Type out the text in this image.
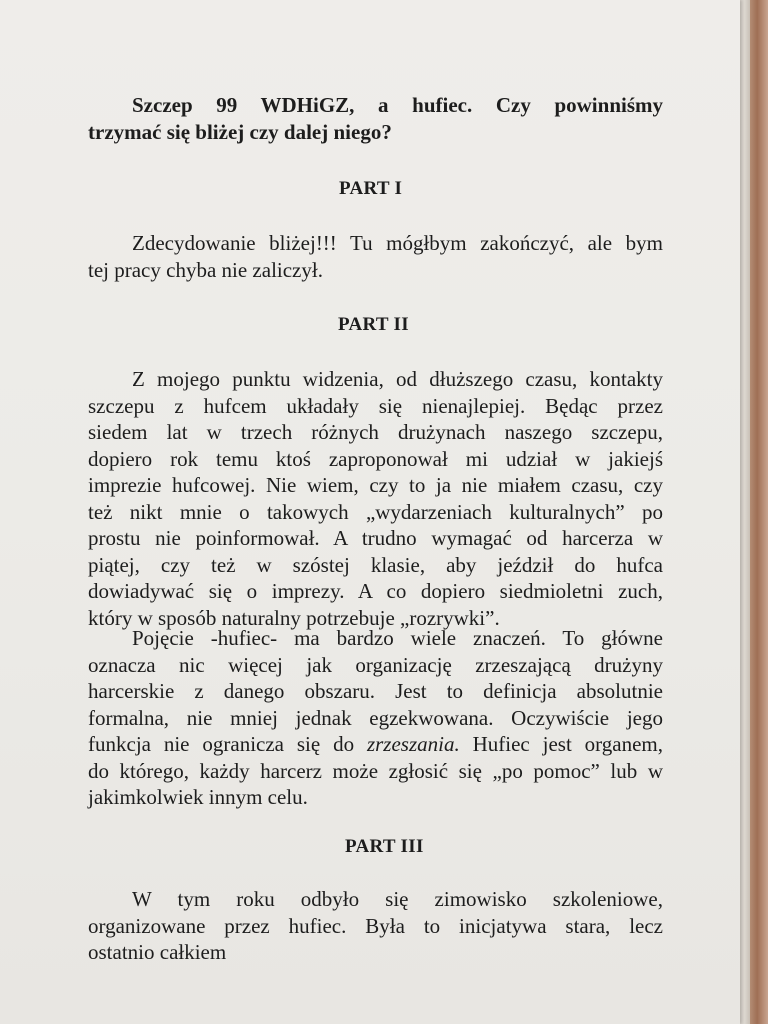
Szczep 99 WDHiGZ, a hufiec. Czy powinniśmy
trzymać się bliżej czy dalej niego?
PART I

Zdecydowanie bliżej!!! Tu mógłbym zakończyć, ale bym
tej pracy chyba nie zaliczył.

PART II

Z mojego punktu widzenia, od dłuższego czasu, kontakty
szczepu z hufcem układały się nienajlepiej. Będąc przez
siedem lat w trzech różnych drużynach naszego szczepu,
dopiero rok temu ktoś zaproponował mi udział w jakiejś
imprezie hufcowej. Nie wiem, czy to ja nie miałem czasu, czy
też nikt mnie o takowych „wydarzeniach kulturalnych” po
prostu nie poinformował. A trudno wymagać od harcerza w
piątej, czy też w szóstej klasie, aby jeździł do hufca
dowiadywać się o imprezy. A co dopiero siedmioletni zuch,
który w sposób naturalny potrzebuje „rozrywki”.

Pojęcie -hufiec- ma bardzo wiele znaczeń. To główne
oznacza nic więcej jak organizację zrzeszającą drużyny
harcerskie z danego obszaru. Jest to definicja absolutnie
formalna, nie mniej jednak egzekwowana. Oczywiście jego
funkcja nie ogranicza się do zrzeszania. Hufiec jest organem,
do którego, każdy harcerz może zgłosić się „po pomoc” lub w
jakimkolwiek innym celu.

PART III

W tym roku odbyło się zimowisko szkoleniowe,
organizowane przez hufiec. Była to inicjatywa stara, lecz
ostatnio całkiem
